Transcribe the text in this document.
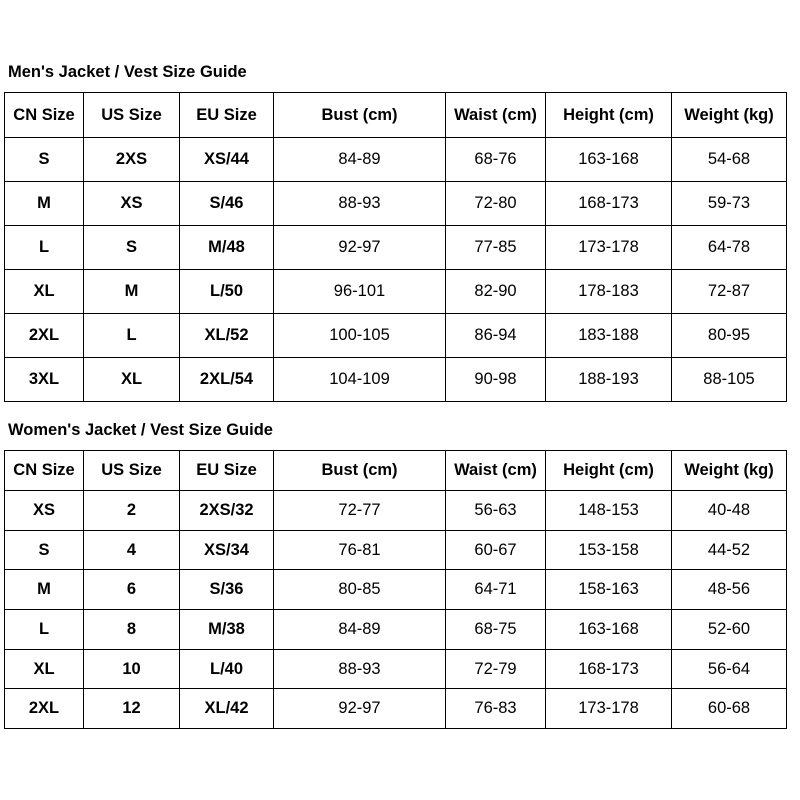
Men's Jacket / Vest Size Guide
CN Size	US Size	EU Size	Bust (cm)	Waist (cm)	Height (cm)	Weight (kg)
S	2XS	XS/44	84-89	68-76	163-168	54-68
M	XS	S/46	88-93	72-80	168-173	59-73
L	S	M/48	92-97	77-85	173-178	64-78
XL	M	L/50	96-101	82-90	178-183	72-87
2XL	L	XL/52	100-105	86-94	183-188	80-95
3XL	XL	2XL/54	104-109	90-98	188-193	88-105
Women's Jacket / Vest Size Guide
CN Size	US Size	EU Size	Bust (cm)	Waist (cm)	Height (cm)	Weight (kg)
XS	2	2XS/32	72-77	56-63	148-153	40-48
S	4	XS/34	76-81	60-67	153-158	44-52
M	6	S/36	80-85	64-71	158-163	48-56
L	8	M/38	84-89	68-75	163-168	52-60
XL	10	L/40	88-93	72-79	168-173	56-64
2XL	12	XL/42	92-97	76-83	173-178	60-68
